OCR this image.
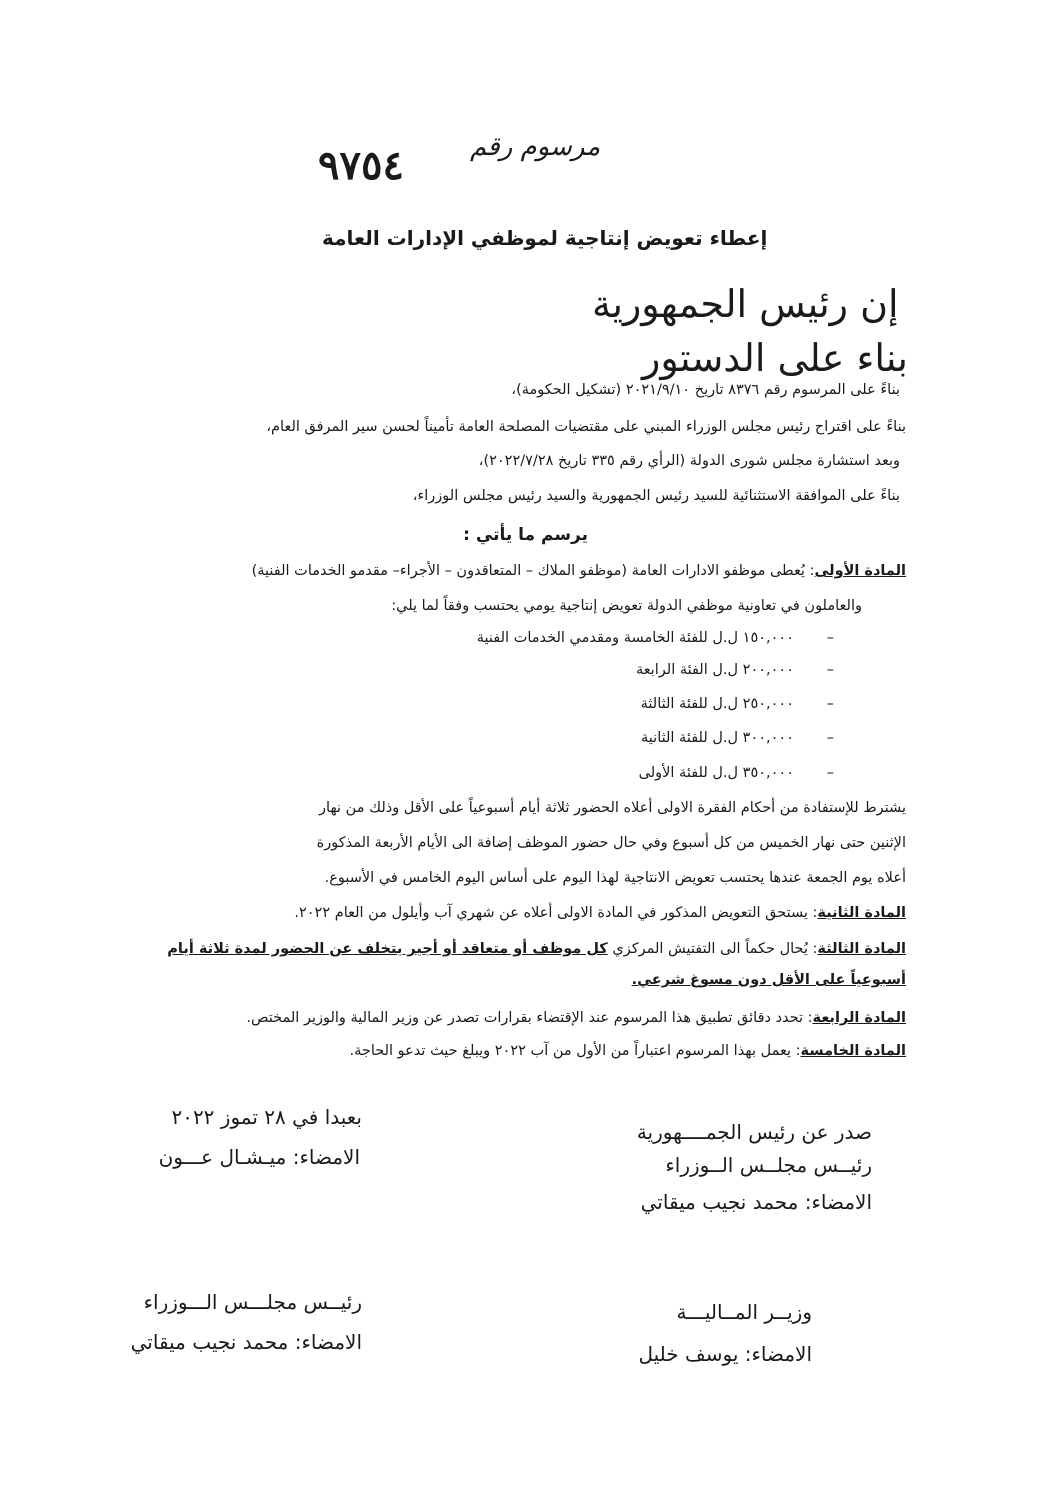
مرسوم رقم
٩٧٥٤
إعطاء تعويض إنتاجية لموظفي الإدارات العامة
إن رئيس الجمهورية
بناء على الدستور
بناءً على المرسوم رقم ٨٣٧٦ تاريخ ٢٠٢١/٩/١٠ (تشكيل الحكومة)،
بناءً على اقتراح رئيس مجلس الوزراء المبني على مقتضيات المصلحة العامة تأميناً لحسن سير المرفق العام،
وبعد استشارة مجلس شورى الدولة (الرأي رقم ٣٣٥ تاريخ ٢٠٢٢/٧/٢٨)،
بناءً على الموافقة الاستثنائية للسيد رئيس الجمهورية والسيد رئيس مجلس الوزراء،
يرسم ما يأتي :
المادة الأولى: يُعطى موظفو الادارات العامة (موظفو الملاك – المتعاقدون – الأجراء– مقدمو الخدمات الفنية)
والعاملون في تعاونية موظفي الدولة تعويض إنتاجية يومي يحتسب وفقاً لما يلي:
–١٥٠,٠٠٠ ل.ل للفئة الخامسة ومقدمي الخدمات الفنية
–٢٠٠,٠٠٠ ل.ل الفئة الرابعة
–٢٥٠,٠٠٠ ل.ل للفئة الثالثة
–٣٠٠,٠٠٠ ل.ل للفئة الثانية
–٣٥٠,٠٠٠ ل.ل للفئة الأولى
يشترط للإستفادة من أحكام الفقرة الاولى أعلاه الحضور ثلاثة أيام أسبوعياً على الأقل وذلك من نهار
الإثنين حتى نهار الخميس من كل أسبوع وفي حال حضور الموظف إضافة الى الأيام الأربعة المذكورة
أعلاه يوم الجمعة عندها يحتسب تعويض الانتاجية لهذا اليوم على أساس اليوم الخامس في الأسبوع.
المادة الثانية: يستحق التعويض المذكور في المادة الاولى أعلاه عن شهري آب وأيلول من العام ٢٠٢٢.
المادة الثالثة: يُحال حكماً الى التفتيش المركزي كل موظف أو متعاقد أو أجير يتخلف عن الحضور لمدة ثلاثة أيام
أسبوعياً على الأقل دون مسوغ شرعي.
المادة الرابعة: تحدد دقائق تطبيق هذا المرسوم عند الإقتضاء بقرارات تصدر عن وزير المالية والوزير المختص.
المادة الخامسة: يعمل بهذا المرسوم اعتباراً من الأول من آب ٢٠٢٢ ويبلغ حيث تدعو الحاجة.
صدر عن رئيس الجمــــهورية
رئيــس مجلــس الــوزراء
الامضاء: محمد نجيب ميقاتي
بعبدا في ٢٨ تموز ٢٠٢٢
الامضاء: ميـشـال عـــون
وزيــر المــاليـــة
الامضاء: يوسف خليل
رئيــس مجلـــس الـــوزراء
الامضاء: محمد نجيب ميقاتي
